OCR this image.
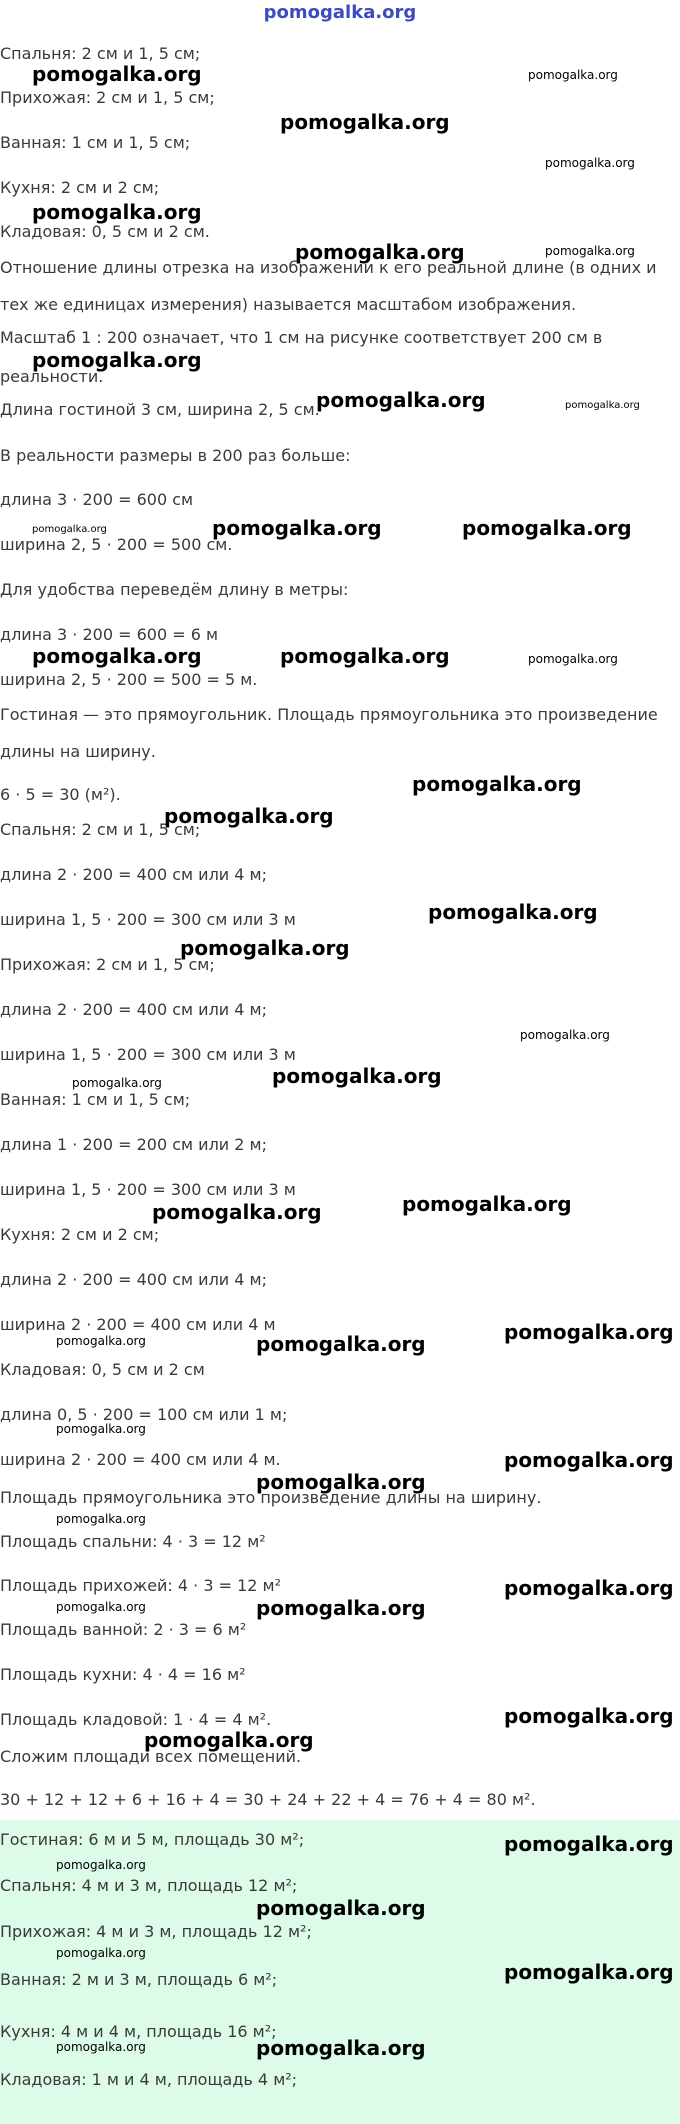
pomogalka.org
Спальня: 2 см и 1, 5 см;
Прихожая: 2 см и 1, 5 см;
Ванная: 1 см и 1, 5 см;
Кухня: 2 см и 2 см;
Кладовая: 0, 5 см и 2 см.
Отношение длины отрезка на изображении к его реальной длине (в одних и
тех же единицах измерения) называется масштабом изображения.
Масштаб 1 : 200 означает, что 1 см на рисунке соответствует 200 см в
реальности.
Длина гостиной 3 см, ширина 2, 5 см.
В реальности размеры в 200 раз больше:
длина 3 · 200 = 600 см
ширина 2, 5 · 200 = 500 см.
Для удобства переведём длину в метры:
длина 3 · 200 = 600 = 6 м
ширина 2, 5 · 200 = 500 = 5 м.
Гостиная — это прямоугольник. Площадь прямоугольника это произведение
длины на ширину.
6 · 5 = 30 (м²).
Спальня: 2 см и 1, 5 см;
длина 2 · 200 = 400 см или 4 м;
ширина 1, 5 · 200 = 300 см или 3 м
Прихожая: 2 см и 1, 5 см;
длина 2 · 200 = 400 см или 4 м;
ширина 1, 5 · 200 = 300 см или 3 м
Ванная: 1 см и 1, 5 см;
длина 1 · 200 = 200 см или 2 м;
ширина 1, 5 · 200 = 300 см или 3 м
Кухня: 2 см и 2 см;
длина 2 · 200 = 400 см или 4 м;
ширина 2 · 200 = 400 см или 4 м
Кладовая: 0, 5 см и 2 см
длина 0, 5 · 200 = 100 см или 1 м;
ширина 2 · 200 = 400 см или 4 м.
Площадь прямоугольника это произведение длины на ширину.
Площадь спальни: 4 · 3 = 12 м²
Площадь прихожей: 4 · 3 = 12 м²
Площадь ванной: 2 · 3 = 6 м²
Площадь кухни: 4 · 4 = 16 м²
Площадь кладовой: 1 · 4 = 4 м².
Сложим площади всех помещений.
30 + 12 + 12 + 6 + 16 + 4 = 30 + 24 + 22 + 4 = 76 + 4 = 80 м².
Гостиная: 6 м и 5 м, площадь 30 м²;
Спальня: 4 м и 3 м, площадь 12 м²;
Прихожая: 4 м и 3 м, площадь 12 м²;
Ванная: 2 м и 3 м, площадь 6 м²;
Кухня: 4 м и 4 м, площадь 16 м²;
Кладовая: 1 м и 4 м, площадь 4 м²;
pomogalka.org	pomogalka.org
pomogalka.org
pomogalka.org
pomogalka.org
pomogalka.org	pomogalka.org
pomogalka.org
pomogalka.org	pomogalka.org
pomogalka.org	pomogalka.org	pomogalka.org
pomogalka.org	pomogalka.org	pomogalka.org
pomogalka.org
pomogalka.org
pomogalka.org
pomogalka.org
pomogalka.org
pomogalka.org	pomogalka.org
pomogalka.org
pomogalka.org
pomogalka.org	pomogalka.org
pomogalka.org
pomogalka.org
pomogalka.org
pomogalka.org
pomogalka.org
pomogalka.org
pomogalka.org	pomogalka.org
pomogalka.org
pomogalka.org
pomogalka.org
pomogalka.org
pomogalka.org
pomogalka.org
pomogalka.org
pomogalka.org	pomogalka.org
